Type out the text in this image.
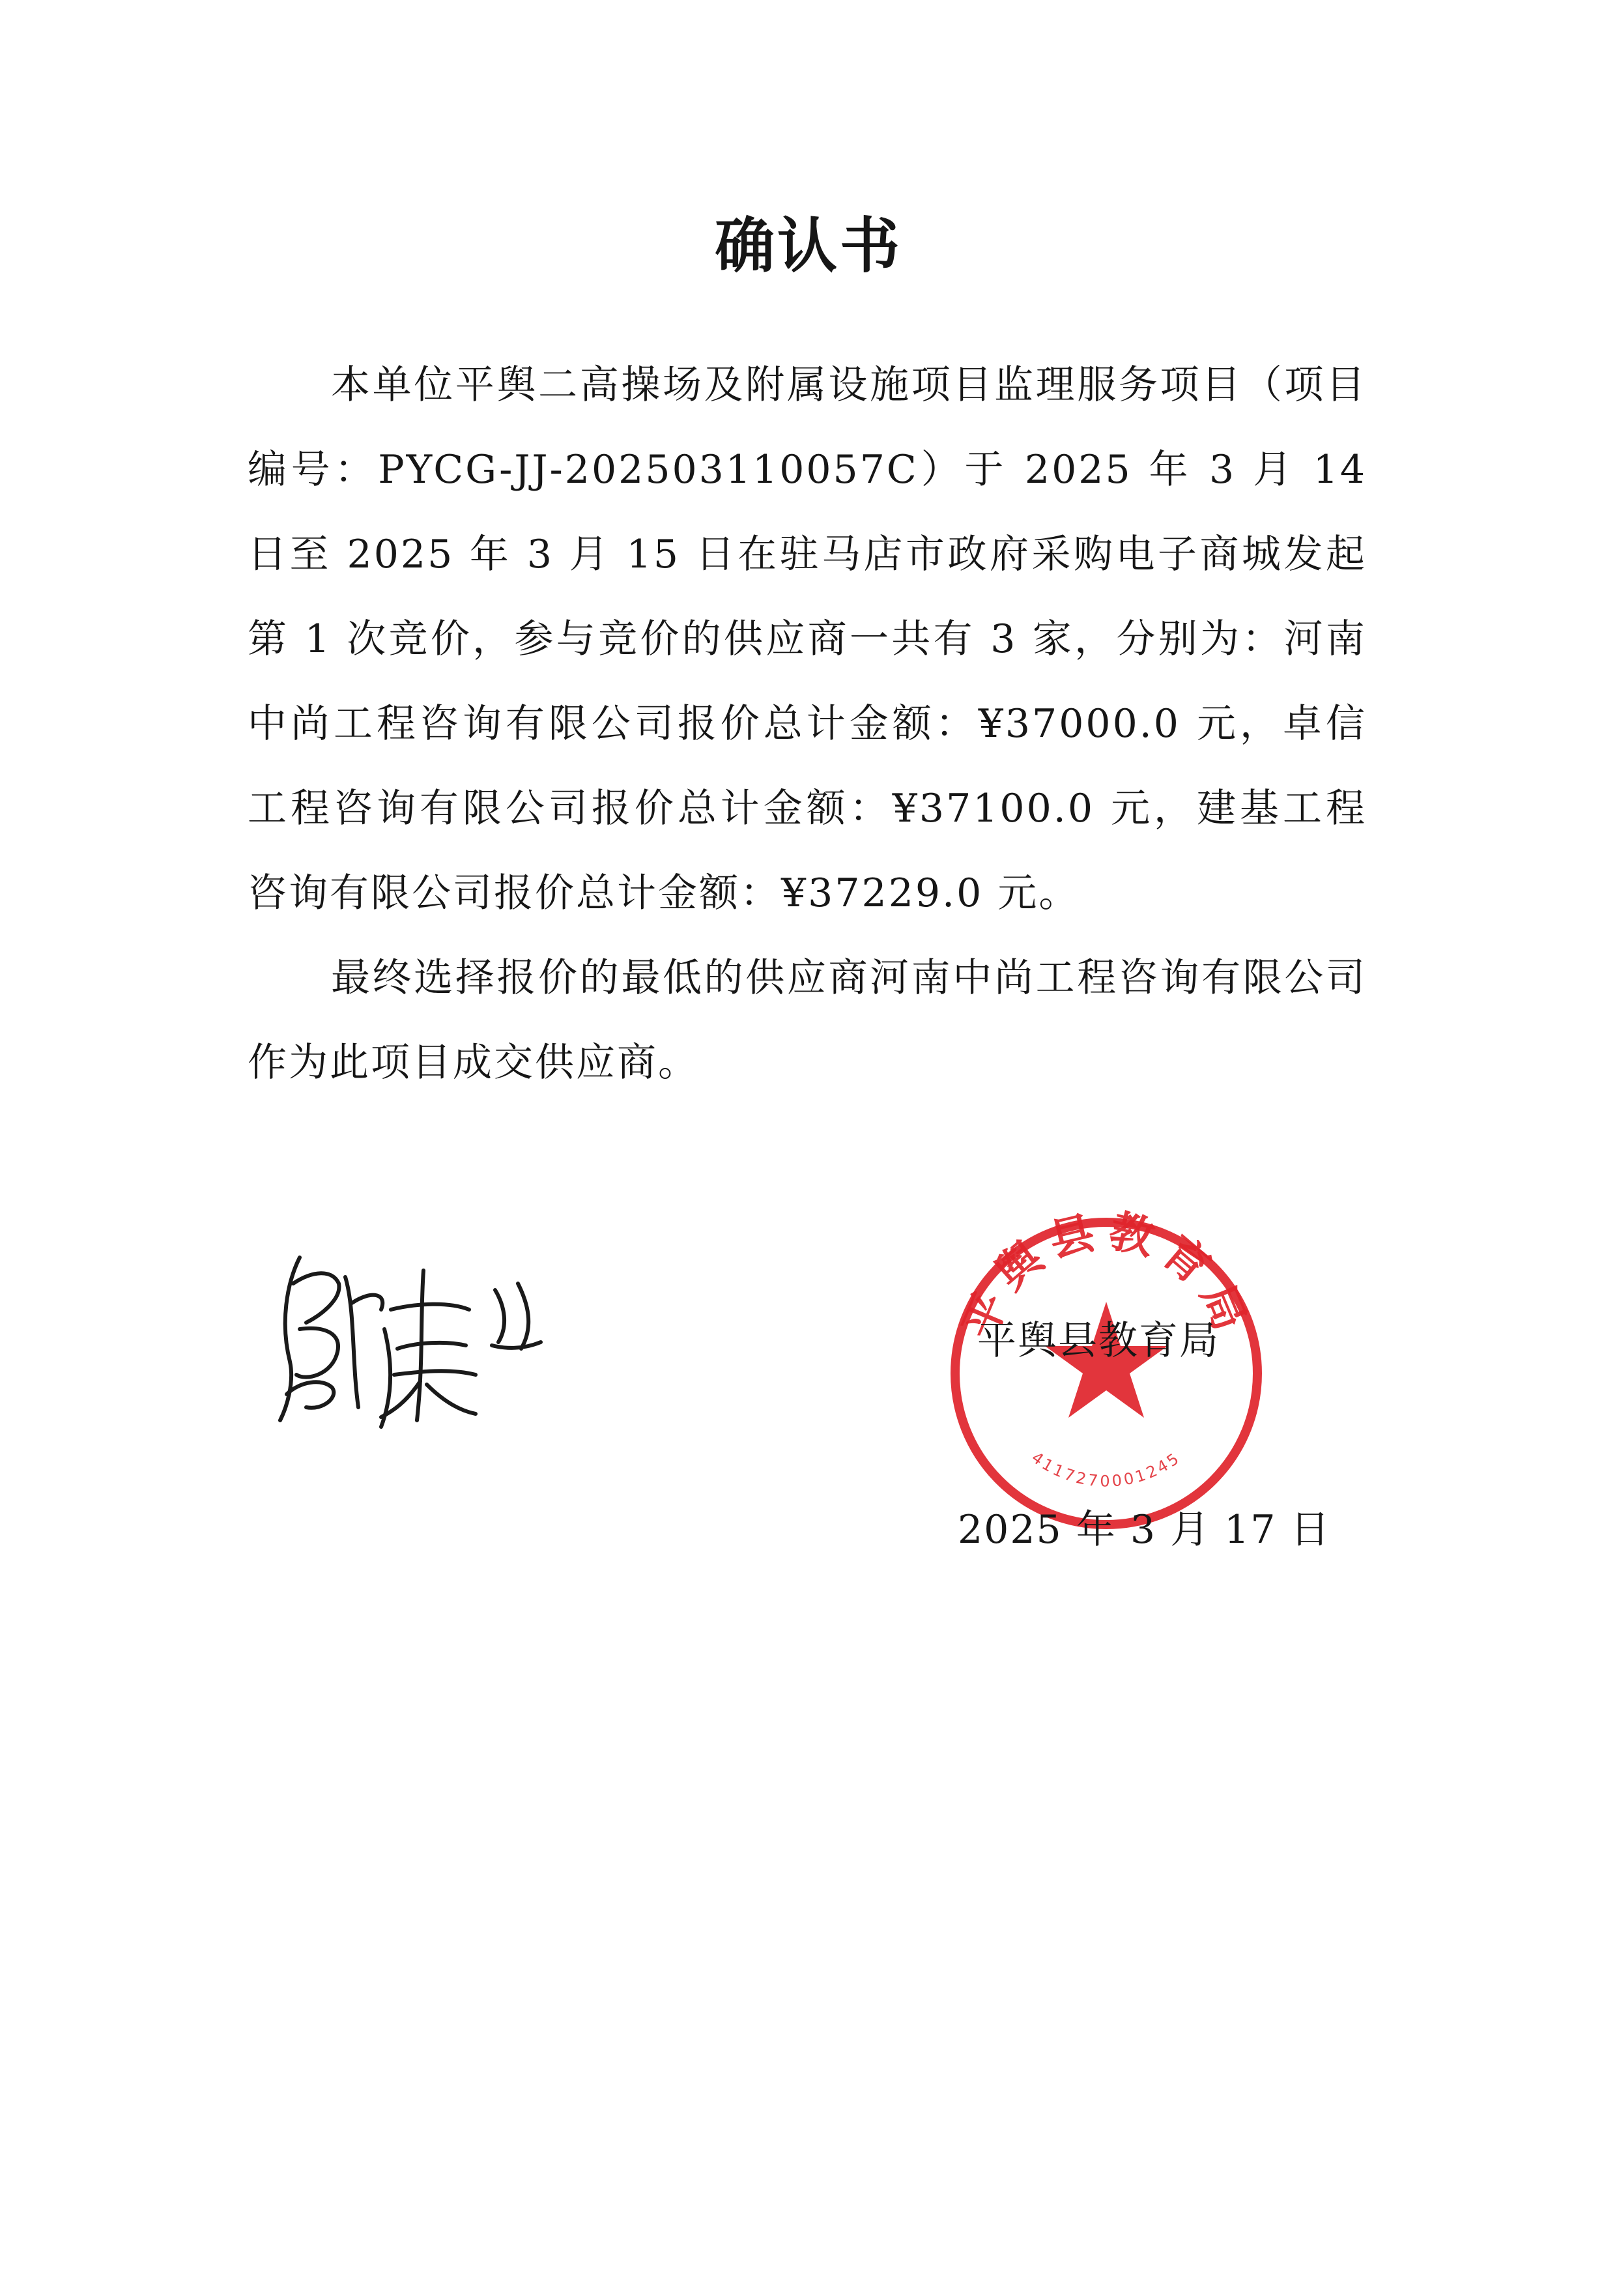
确认书

本单位平舆二高操场及附属设施项目监理服务项目（项目编号：PYCG-JJ-202503110057C）于 2025 年 3 月 14 日至 2025 年 3 月 15 日在驻马店市政府采购电子商城发起第 1 次竞价，参与竞价的供应商一共有 3 家，分别为：河南中尚工程咨询有限公司报价总计金额：¥37000.0 元，卓信工程咨询有限公司报价总计金额：¥37100.0 元，建基工程咨询有限公司报价总计金额：¥37229.0 元。

最终选择报价的最低的供应商河南中尚工程咨询有限公司作为此项目成交供应商。

平舆县教育局
4117270001245
平舆县教育局
2025 年 3 月 17 日
